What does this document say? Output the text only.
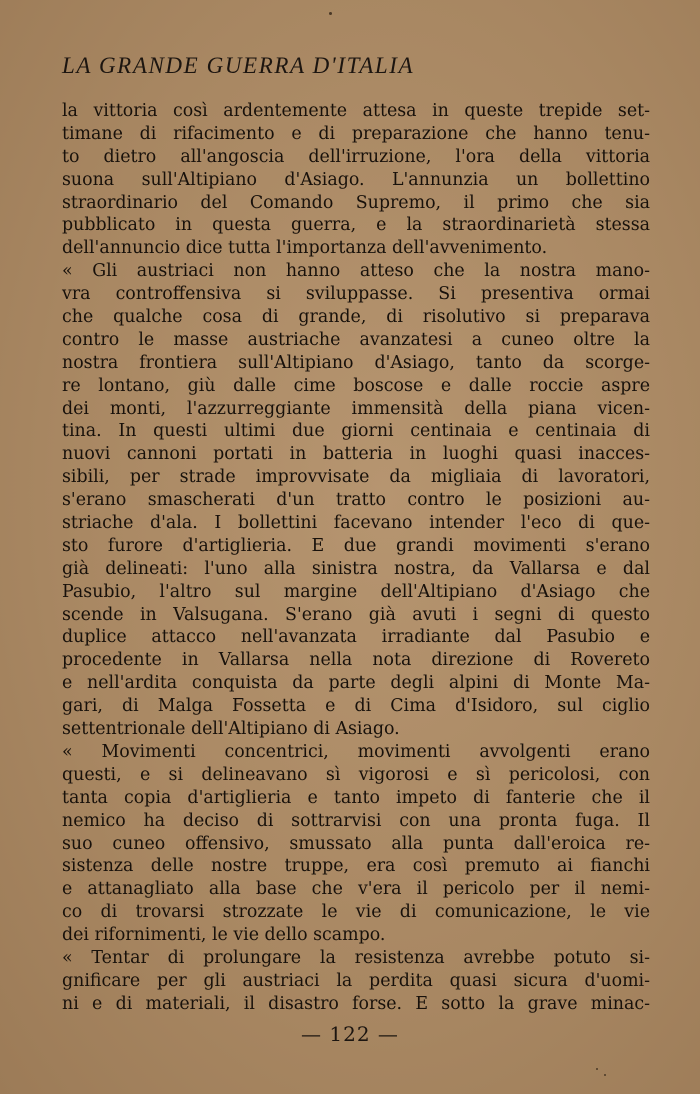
LA GRANDE GUERRA D'ITALIA
la vittoria così ardentemente attesa in queste trepide set-
timane di rifacimento e di preparazione che hanno tenu-
to dietro all'angoscia dell'irruzione, l'ora della vittoria
suona sull'Altipiano d'Asiago. L'annunzia un bollettino
straordinario del Comando Supremo, il primo che sia
pubblicato in questa guerra, e la straordinarietà stessa
dell'annuncio dice tutta l'importanza dell'avvenimento.
« Gli austriaci non hanno atteso che la nostra mano-
vra controffensiva si sviluppasse. Si presentiva ormai
che qualche cosa di grande, di risolutivo si preparava
contro le masse austriache avanzatesi a cuneo oltre la
nostra frontiera sull'Altipiano d'Asiago, tanto da scorge-
re lontano, giù dalle cime boscose e dalle roccie aspre
dei monti, l'azzurreggiante immensità della piana vicen-
tina. In questi ultimi due giorni centinaia e centinaia di
nuovi cannoni portati in batteria in luoghi quasi inacces-
sibili, per strade improvvisate da migliaia di lavoratori,
s'erano smascherati d'un tratto contro le posizioni au-
striache d'ala. I bollettini facevano intender l'eco di que-
sto furore d'artiglieria. E due grandi movimenti s'erano
già delineati: l'uno alla sinistra nostra, da Vallarsa e dal
Pasubio, l'altro sul margine dell'Altipiano d'Asiago che
scende in Valsugana. S'erano già avuti i segni di questo
duplice attacco nell'avanzata irradiante dal Pasubio e
procedente in Vallarsa nella nota direzione di Rovereto
e nell'ardita conquista da parte degli alpini di Monte Ma-
gari, di Malga Fossetta e di Cima d'Isidoro, sul ciglio
settentrionale dell'Altipiano di Asiago.
« Movimenti concentrici, movimenti avvolgenti erano
questi, e si delineavano sì vigorosi e sì pericolosi, con
tanta copia d'artiglieria e tanto impeto di fanterie che il
nemico ha deciso di sottrarvisi con una pronta fuga. Il
suo cuneo offensivo, smussato alla punta dall'eroica re-
sistenza delle nostre truppe, era così premuto ai fianchi
e attanagliato alla base che v'era il pericolo per il nemi-
co di trovarsi strozzate le vie di comunicazione, le vie
dei rifornimenti, le vie dello scampo.
« Tentar di prolungare la resistenza avrebbe potuto si-
gnificare per gli austriaci la perdita quasi sicura d'uomi-
ni e di materiali, il disastro forse. E sotto la grave minac-
— 122 —
